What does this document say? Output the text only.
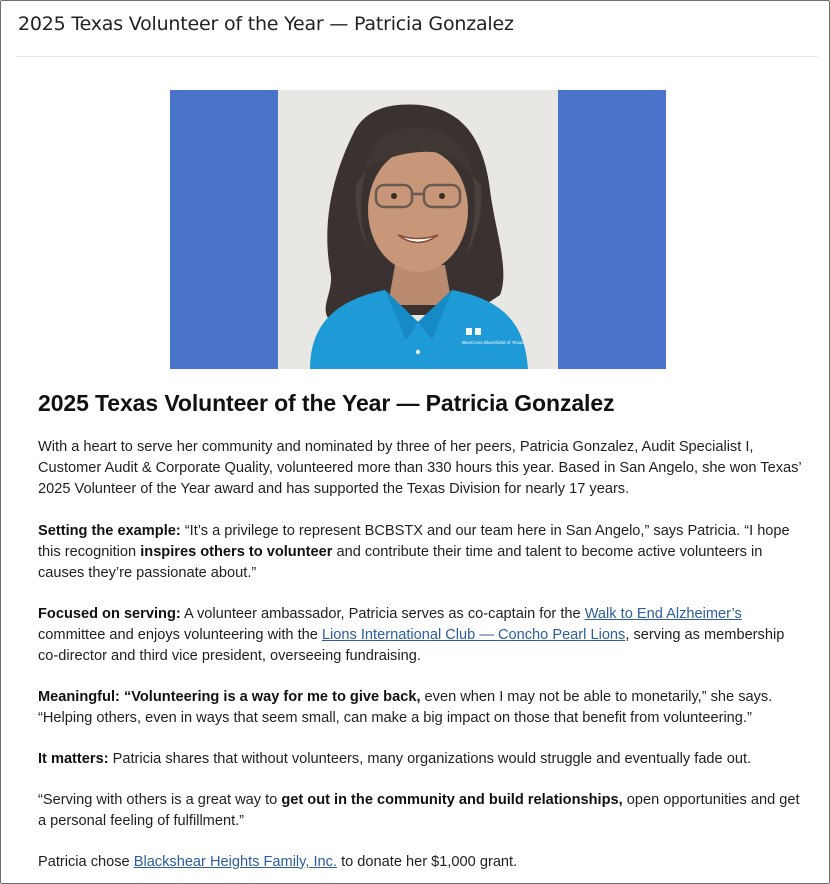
2025 Texas Volunteer of the Year — Patricia Gonzalez
BlueCross BlueShield of Texas
2025 Texas Volunteer of the Year — Patricia Gonzalez

With a heart to serve her community and nominated by three of her peers, Patricia Gonzalez, Audit Specialist I, Customer Audit & Corporate Quality, volunteered more than 330 hours this year. Based in San Angelo, she won Texas’ 2025 Volunteer of the Year award and has supported the Texas Division for nearly 17 years.

Setting the example: “It’s a privilege to represent BCBSTX and our team here in San Angelo,” says Patricia. “I hope this recognition inspires others to volunteer and contribute their time and talent to become active volunteers in causes they’re passionate about.”

Focused on serving: A volunteer ambassador, Patricia serves as co-captain for the Walk to End Alzheimer’s committee and enjoys volunteering with the Lions International Club — Concho Pearl Lions, serving as membership co-director and third vice president, overseeing fundraising.

Meaningful: “Volunteering is a way for me to give back, even when I may not be able to monetarily,” she says. “Helping others, even in ways that seem small, can make a big impact on those that benefit from volunteering.”

It matters: Patricia shares that without volunteers, many organizations would struggle and eventually fade out.

“Serving with others is a great way to get out in the community and build relationships, open opportunities and get a personal feeling of fulfillment.”

Patricia chose Blackshear Heights Family, Inc. to donate her $1,000 grant.
